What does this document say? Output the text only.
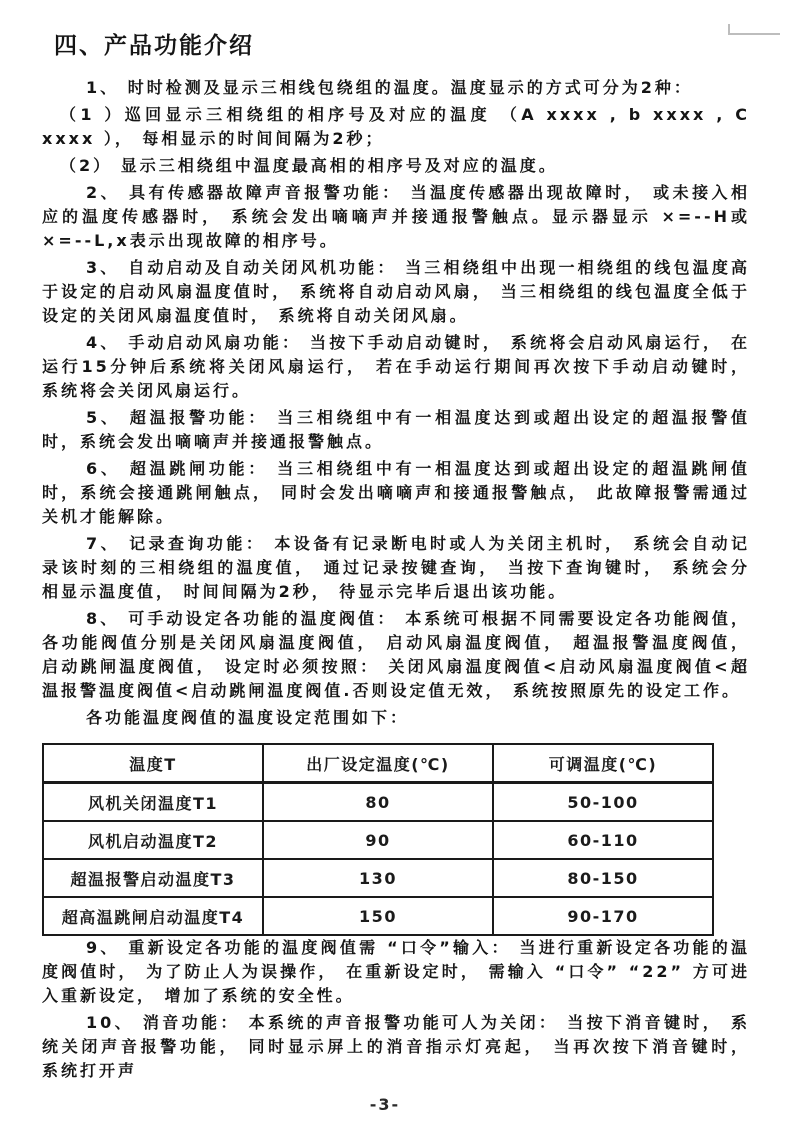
四、产品功能介绍

1、 时时检测及显示三相线包绕组的温度。温度显示的方式可分为2种：

（1 ）巡回显示三相绕组的相序号及对应的温度 （A xxxx , b xxxx , C xxxx ）， 每相显示的时间间隔为2秒；

（2） 显示三相绕组中温度最高相的相序号及对应的温度。

2、 具有传感器故障声音报警功能： 当温度传感器出现故障时， 或未接入相应的温度传感器时， 系统会发出嘀嘀声并接通报警触点。显示器显示 ×=--H或 ×=--L,x表示出现故障的相序号。

3、 自动启动及自动关闭风机功能： 当三相绕组中出现一相绕组的线包温度高于设定的启动风扇温度值时， 系统将自动启动风扇， 当三相绕组的线包温度全低于设定的关闭风扇温度值时， 系统将自动关闭风扇。

4、 手动启动风扇功能： 当按下手动启动键时， 系统将会启动风扇运行， 在运行15分钟后系统将关闭风扇运行， 若在手动运行期间再次按下手动启动键时， 系统将会关闭风扇运行。

5、 超温报警功能： 当三相绕组中有一相温度达到或超出设定的超温报警值时，系统会发出嘀嘀声并接通报警触点。

6、 超温跳闸功能： 当三相绕组中有一相温度达到或超出设定的超温跳闸值时，系统会接通跳闸触点， 同时会发出嘀嘀声和接通报警触点， 此故障报警需通过关机才能解除。

7、 记录查询功能： 本设备有记录断电时或人为关闭主机时， 系统会自动记录该时刻的三相绕组的温度值， 通过记录按键查询， 当按下查询键时， 系统会分相显示温度值， 时间间隔为2秒， 待显示完毕后退出该功能。

8、 可手动设定各功能的温度阀值： 本系统可根据不同需要设定各功能阀值， 各功能阀值分别是关闭风扇温度阀值， 启动风扇温度阀值， 超温报警温度阀值， 启动跳闸温度阀值， 设定时必须按照： 关闭风扇温度阀值<启动风扇温度阀值<超温报警温度阀值<启动跳闸温度阀值.否则设定值无效， 系统按照原先的设定工作。

各功能温度阀值的温度设定范围如下：

温度T	出厂设定温度(℃)	可调温度(℃)
风机关闭温度T1	80	50-100
风机启动温度T2	90	60-110
超温报警启动温度T3	130	80-150
超高温跳闸启动温度T4	150	90-170

9、 重新设定各功能的温度阀值需 “口令”输入： 当进行重新设定各功能的温度阀值时， 为了防止人为误操作， 在重新设定时， 需输入 “口令” “22” 方可进入重新设定， 增加了系统的安全性。

10、 消音功能： 本系统的声音报警功能可人为关闭： 当按下消音键时， 系统关闭声音报警功能， 同时显示屏上的消音指示灯亮起， 当再次按下消音键时， 系统打开声

-3-
